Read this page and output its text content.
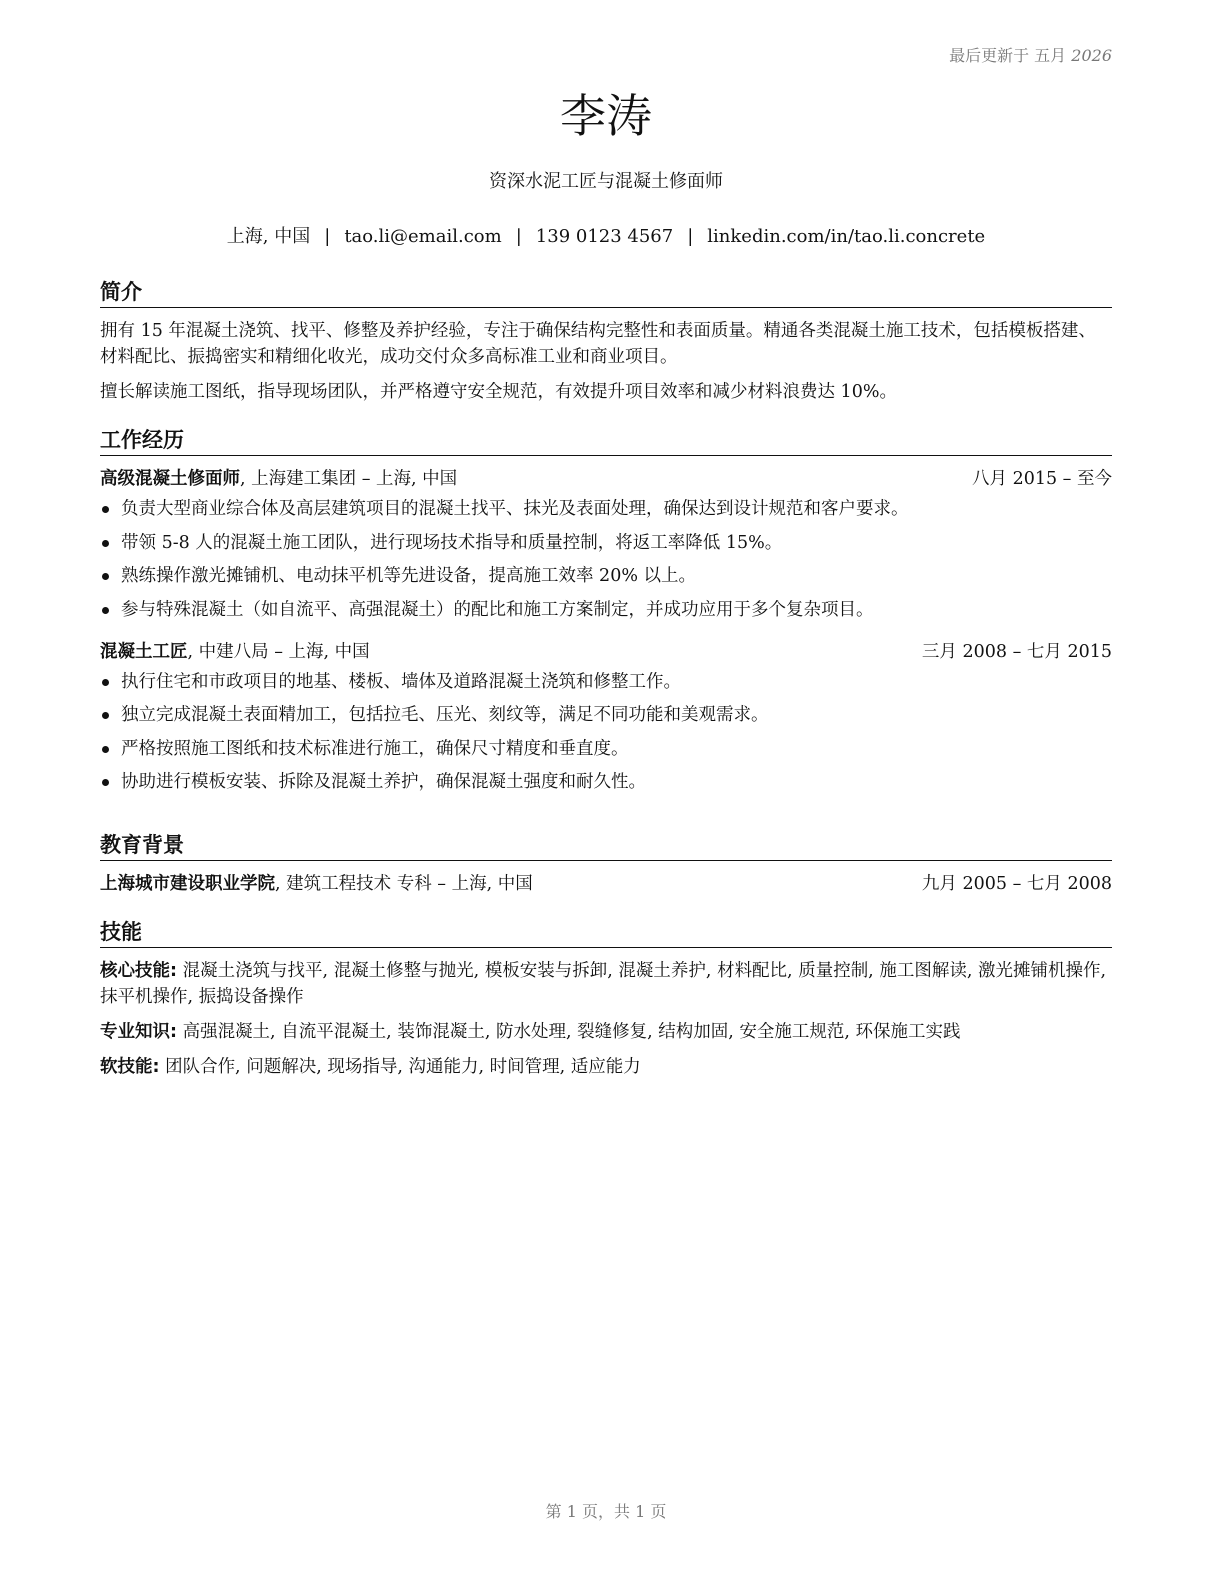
最后更新于 五月 2026
李涛
资深水泥工匠与混凝土修面师
上海, 中国 | tao.li@email.com | 139 0123 4567 | linkedin.com/in/tao.li.concrete
简介
拥有 15 年混凝土浇筑、找平、修整及养护经验，专注于确保结构完整性和表面质量。精通各类混凝土施工技术，包括模板搭建、材料配比、振捣密实和精细化收光，成功交付众多高标准工业和商业项目。
擅长解读施工图纸，指导现场团队，并严格遵守安全规范，有效提升项目效率和减少材料浪费达 10%。
工作经历
高级混凝土修面师, 上海建工集团 – 上海, 中国	八月 2015 – 至今
负责大型商业综合体及高层建筑项目的混凝土找平、抹光及表面处理，确保达到设计规范和客户要求。
带领 5-8 人的混凝土施工团队，进行现场技术指导和质量控制，将返工率降低 15%。
熟练操作激光摊铺机、电动抹平机等先进设备，提高施工效率 20% 以上。
参与特殊混凝土（如自流平、高强混凝土）的配比和施工方案制定，并成功应用于多个复杂项目。
混凝土工匠, 中建八局 – 上海, 中国	三月 2008 – 七月 2015
执行住宅和市政项目的地基、楼板、墙体及道路混凝土浇筑和修整工作。
独立完成混凝土表面精加工，包括拉毛、压光、刻纹等，满足不同功能和美观需求。
严格按照施工图纸和技术标准进行施工，确保尺寸精度和垂直度。
协助进行模板安装、拆除及混凝土养护，确保混凝土强度和耐久性。
教育背景
上海城市建设职业学院, 建筑工程技术 专科 – 上海, 中国	九月 2005 – 七月 2008
技能
核心技能: 混凝土浇筑与找平, 混凝土修整与抛光, 模板安装与拆卸, 混凝土养护, 材料配比, 质量控制, 施工图解读, 激光摊铺机操作, 抹平机操作, 振捣设备操作
专业知识: 高强混凝土, 自流平混凝土, 装饰混凝土, 防水处理, 裂缝修复, 结构加固, 安全施工规范, 环保施工实践
软技能: 团队合作, 问题解决, 现场指导, 沟通能力, 时间管理, 适应能力
第 1 页，共 1 页
